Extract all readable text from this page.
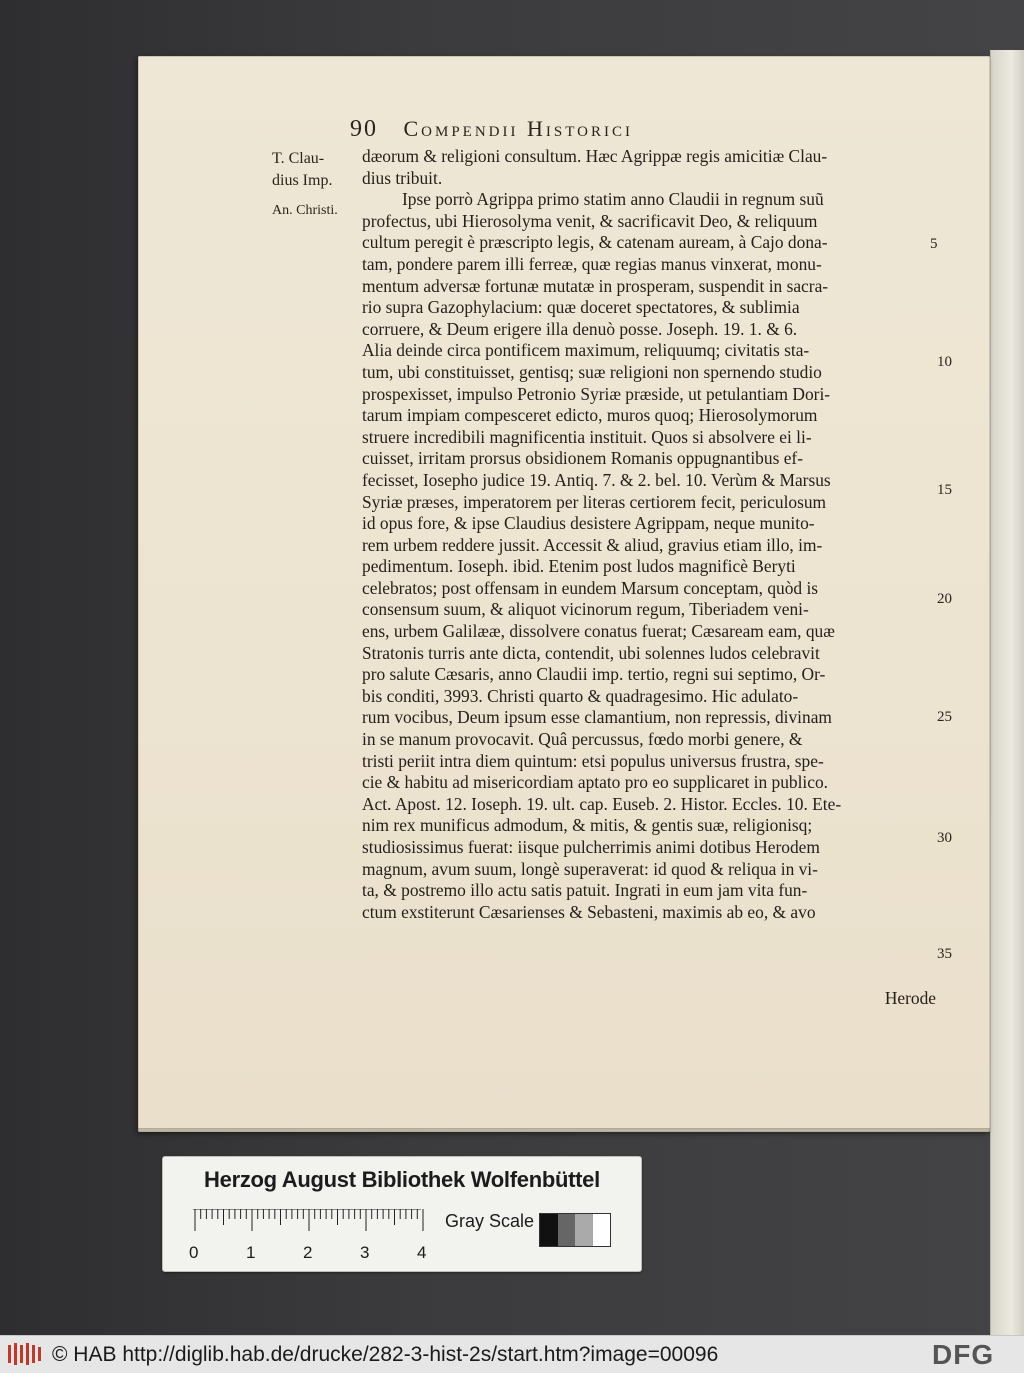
90 Compendii Historici
T. Clau-
dius Imp.
An. Christi.
dæorum & religioni consultum. Hæc Agrippæ regis amicitiæ Clau-
dius tribuit.
Ipse porrò Agrippa primo statim anno Claudii in regnum suũ
profectus, ubi Hierosolyma venit, & sacrificavit Deo, & reliquum
cultum peregit è præscripto legis, & catenam auream, à Cajo dona-
tam, pondere parem illi ferreæ, quæ regias manus vinxerat, monu-
mentum adversæ fortunæ mutatæ in prosperam, suspendit in sacra-
rio supra Gazophylacium: quæ doceret spectatores, & sublimia
corruere, & Deum erigere illa denuò posse. Joseph. 19. 1. & 6.
Alia deinde circa pontificem maximum, reliquumq; civitatis sta-
tum, ubi constituisset, gentisq; suæ religioni non spernendo studio
prospexisset, impulso Petronio Syriæ præside, ut petulantiam Dori-
tarum impiam compesceret edicto, muros quoq; Hierosolymorum
struere incredibili magnificentia instituit. Quos si absolvere ei li-
cuisset, irritam prorsus obsidionem Romanis oppugnantibus ef-
fecisset, Iosepho judice 19. Antiq. 7. & 2. bel. 10. Verùm & Marsus
Syriæ præses, imperatorem per literas certiorem fecit, periculosum
id opus fore, & ipse Claudius desistere Agrippam, neque munito-
rem urbem reddere jussit. Accessit & aliud, gravius etiam illo, im-
pedimentum. Ioseph. ibid. Etenim post ludos magnificè Beryti
celebratos; post offensam in eundem Marsum conceptam, quòd is
consensum suum, & aliquot vicinorum regum, Tiberiadem veni-
ens, urbem Galilææ, dissolvere conatus fuerat; Cæsaream eam, quæ
Stratonis turris ante dicta, contendit, ubi solennes ludos celebravit
pro salute Cæsaris, anno Claudii imp. tertio, regni sui septimo, Or-
bis conditi, 3993. Christi quarto & quadragesimo. Hic adulato-
rum vocibus, Deum ipsum esse clamantium, non repressis, divinam
in se manum provocavit. Quâ percussus, fœdo morbi genere, &
tristi periit intra diem quintum: etsi populus universus frustra, spe-
cie & habitu ad misericordiam aptato pro eo supplicaret in publico.
Act. Apost. 12. Ioseph. 19. ult. cap. Euseb. 2. Histor. Eccles. 10. Ete-
nim rex munificus admodum, & mitis, & gentis suæ, religionisq;
studiosissimus fuerat: iisque pulcherrimis animi dotibus Herodem
magnum, avum suum, longè superaverat: id quod & reliqua in vi-
ta, & postremo illo actu satis patuit. Ingrati in eum jam vita fun-
ctum exstiterunt Cæsarienses & Sebasteni, maximis ab eo, & avo
Herode
5
10
15
20
25
30
35
Herzog August Bibliothek Wolfenbüttel
0	1	2	3	4
Gray Scale
© HAB http://diglib.hab.de/drucke/282-3-hist-2s/start.htm?image=00096	DFG
